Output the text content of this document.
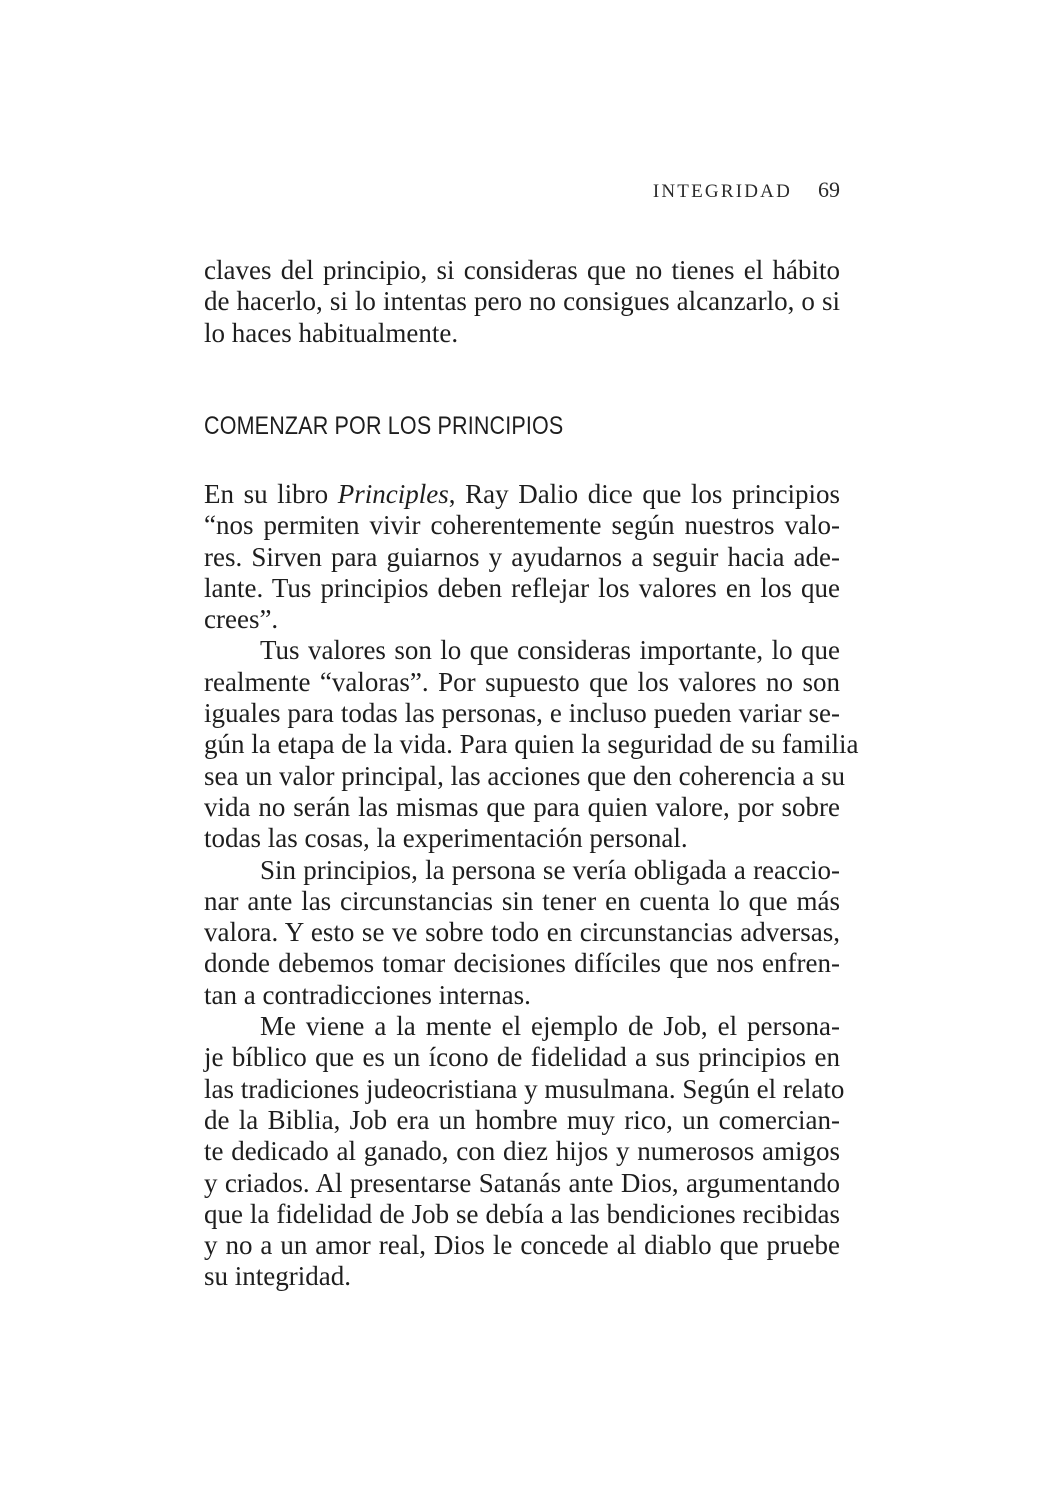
INTEGRIDAD 69
claves del principio, si consideras que no tienes el hábito
de hacerlo, si lo intentas pero no consigues alcanzarlo, o si
lo haces habitualmente.
COMENZAR POR LOS PRINCIPIOS
En su libro Principles, Ray Dalio dice que los principios
“nos permiten vivir coherentemente según nuestros valo-
res. Sirven para guiarnos y ayudarnos a seguir hacia ade-
lante. Tus principios deben reflejar los valores en los que
crees”.
Tus valores son lo que consideras importante, lo que
realmente “valoras”. Por supuesto que los valores no son
iguales para todas las personas, e incluso pueden variar se-
gún la etapa de la vida. Para quien la seguridad de su familia
sea un valor principal, las acciones que den coherencia a su
vida no serán las mismas que para quien valore, por sobre
todas las cosas, la experimentación personal.
Sin principios, la persona se vería obligada a reaccio-
nar ante las circunstancias sin tener en cuenta lo que más
valora. Y esto se ve sobre todo en circunstancias adversas,
donde debemos tomar decisiones difíciles que nos enfren-
tan a contradicciones internas.
Me viene a la mente el ejemplo de Job, el persona-
je bíblico que es un ícono de fidelidad a sus principios en
las tradiciones judeocristiana y musulmana. Según el relato
de la Biblia, Job era un hombre muy rico, un comercian-
te dedicado al ganado, con diez hijos y numerosos amigos
y criados. Al presentarse Satanás ante Dios, argumentando
que la fidelidad de Job se debía a las bendiciones recibidas
y no a un amor real, Dios le concede al diablo que pruebe
su integridad.
